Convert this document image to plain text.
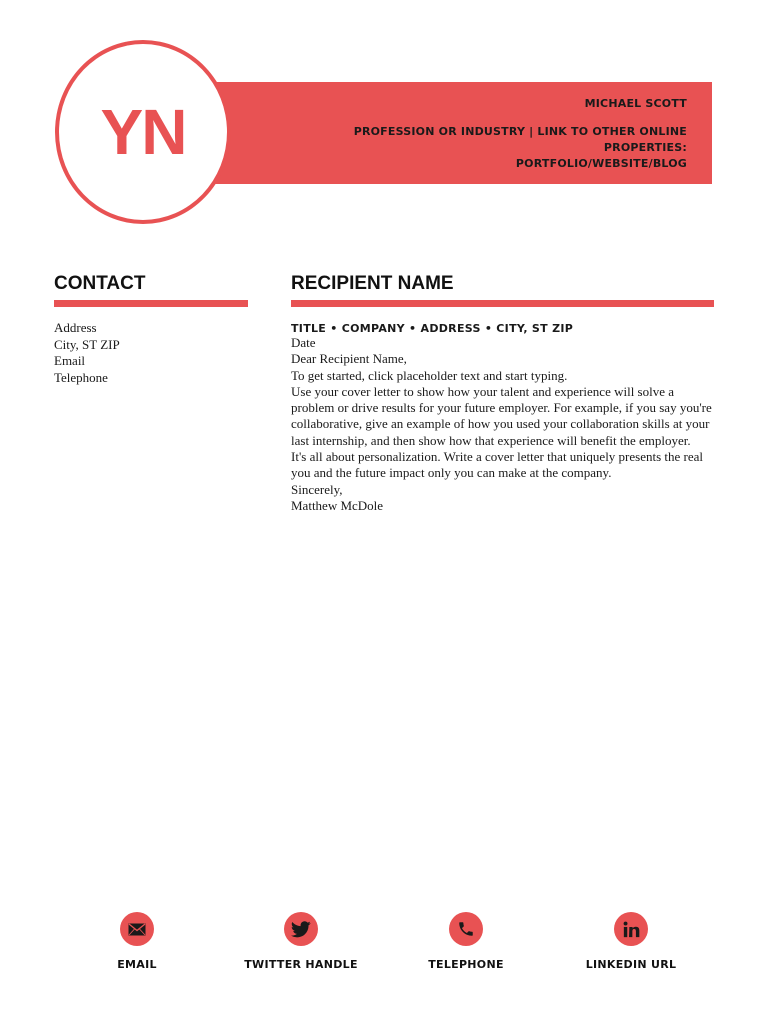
MICHAEL SCOTT
PROFESSION OR INDUSTRY | LINK TO OTHER ONLINE PROPERTIES:
PORTFOLIO/WEBSITE/BLOG
YN
CONTACT
Address
City, ST ZIP
Email
Telephone
RECIPIENT NAME
TITLE • COMPANY • ADDRESS • CITY, ST ZIP

Date

Dear Recipient Name,

To get started, click placeholder text and start typing.

Use your cover letter to show how your talent and experience will solve a problem or drive results for your future employer. For example, if you say you're collaborative, give an example of how you used your collaboration skills at your last internship, and then show how that experience will benefit the employer.

It's all about personalization. Write a cover letter that uniquely presents the real you and the future impact only you can make at the company.

Sincerely,

Matthew McDole

EMAIL	TWITTER HANDLE	TELEPHONE	LINKEDIN URL
